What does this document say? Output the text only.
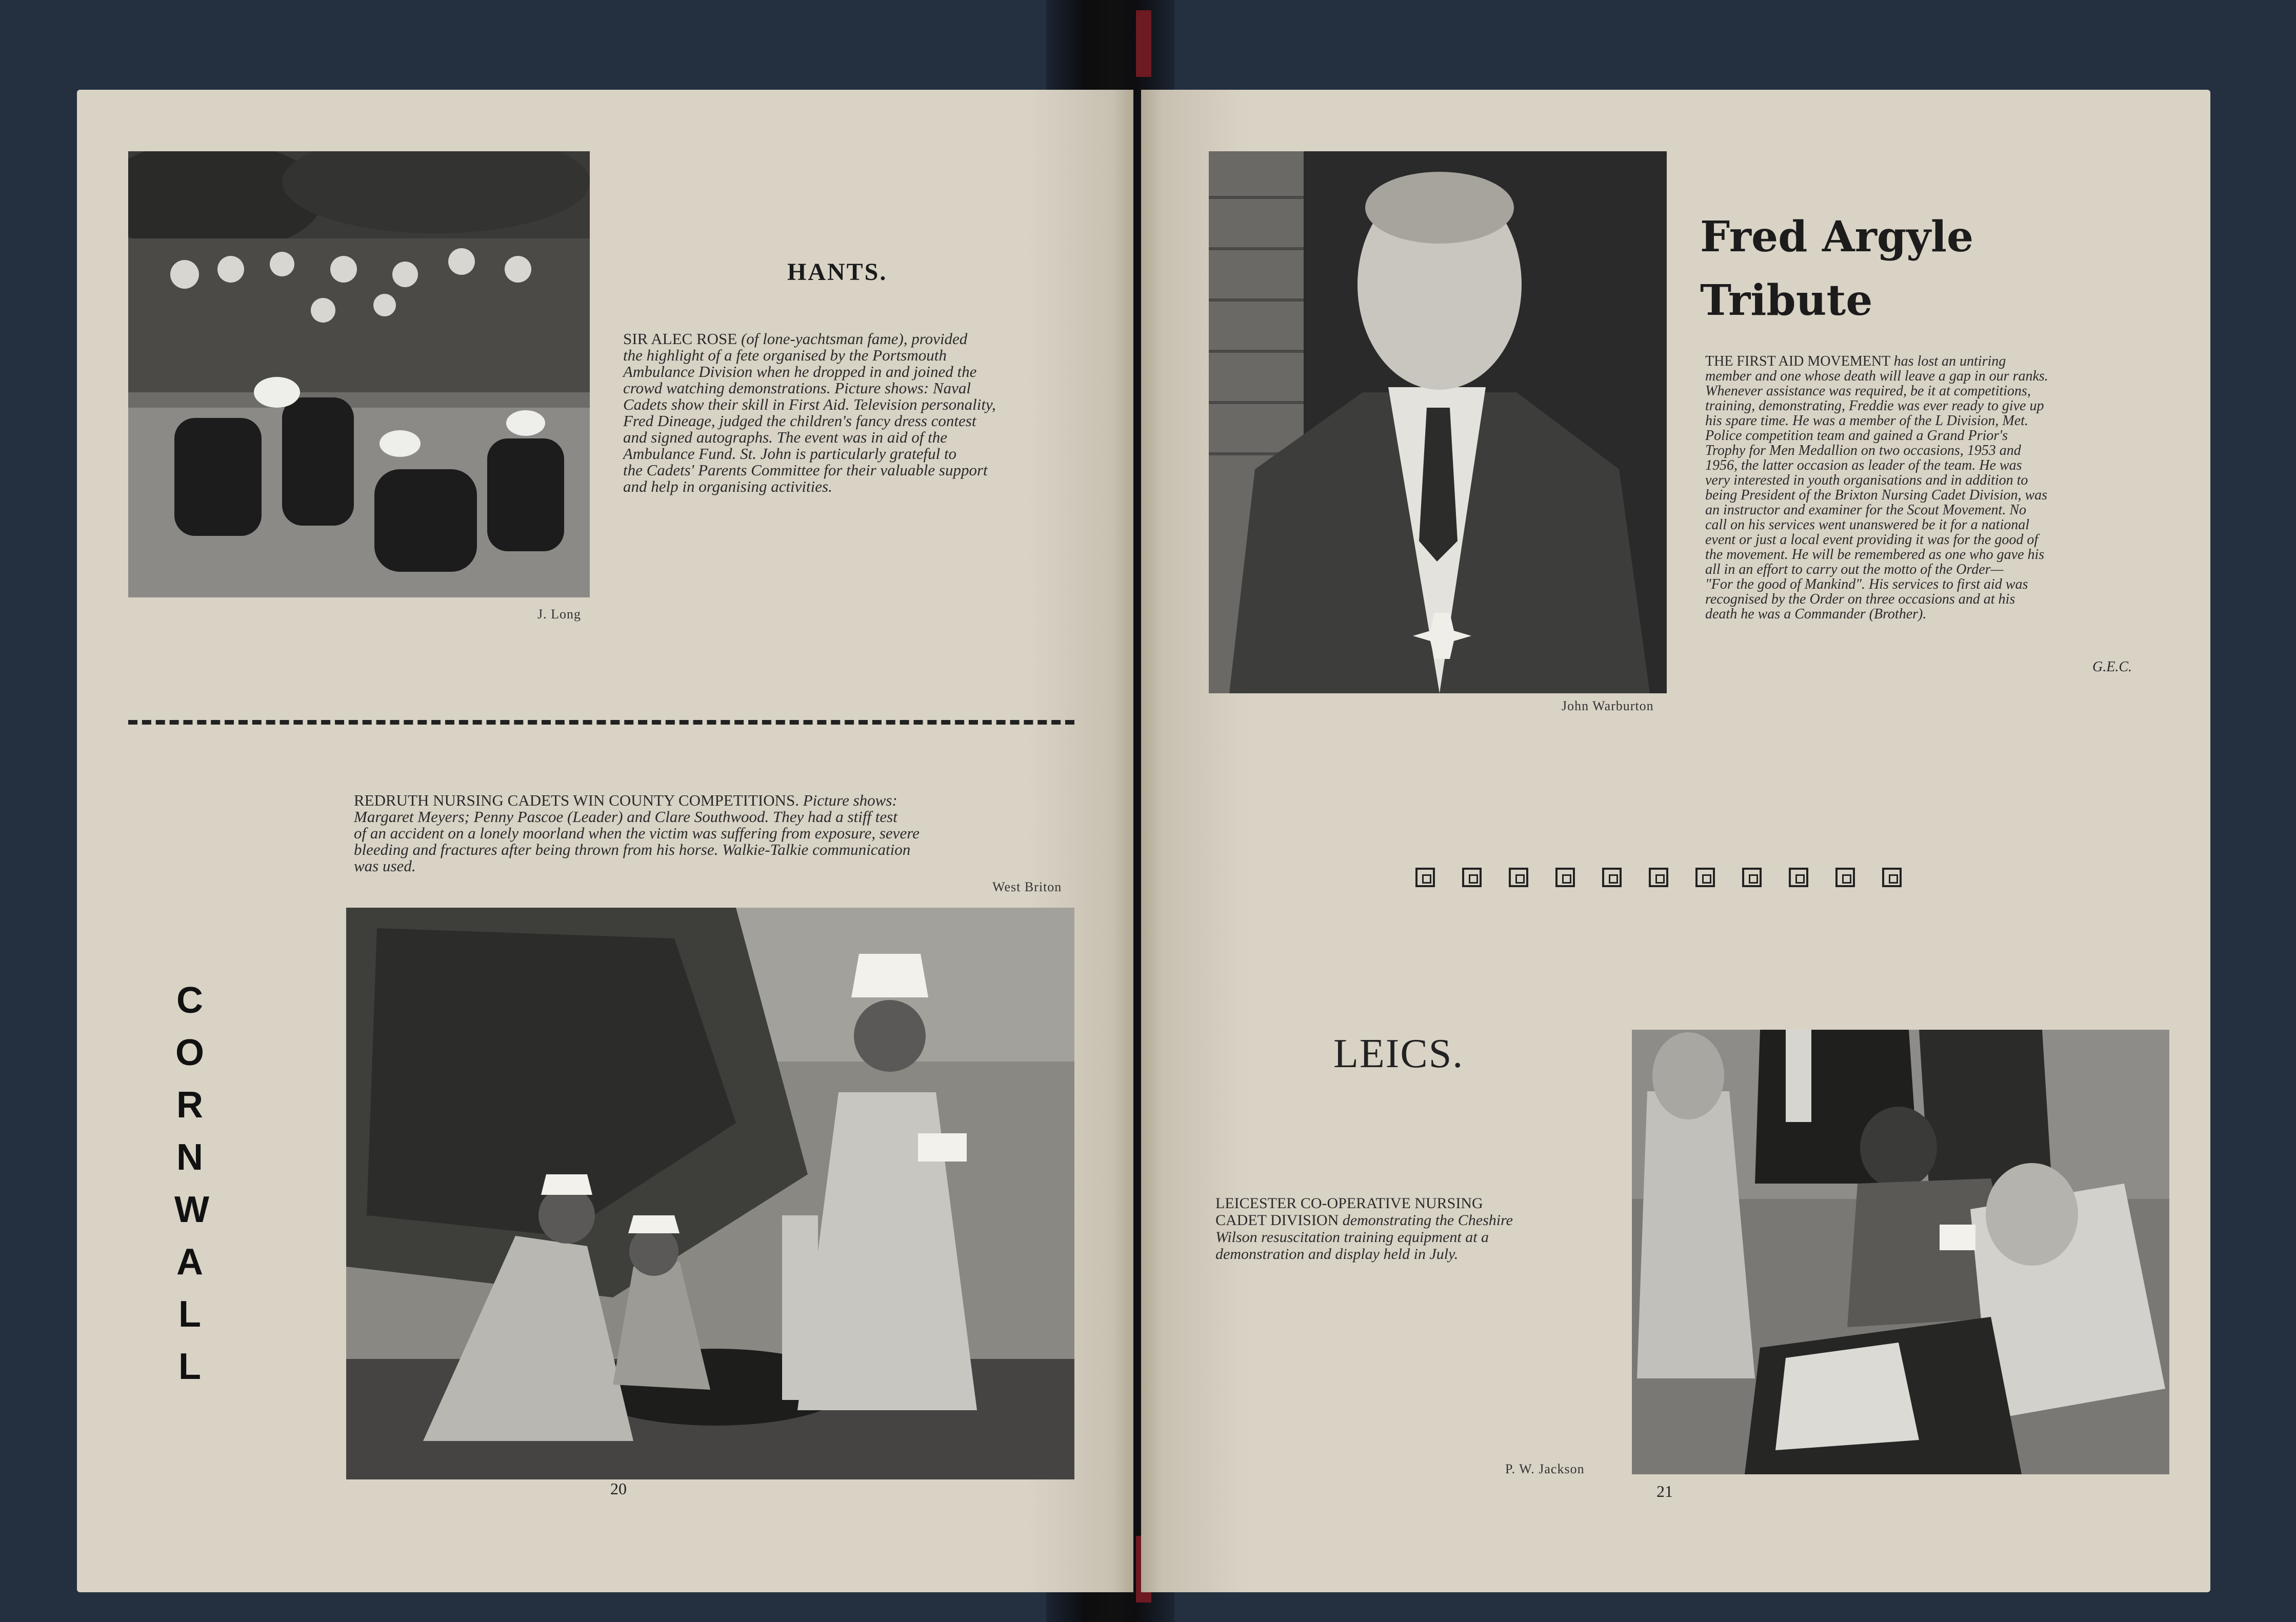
J. Long
HANTS.
SIR ALEC ROSE (of lone-yachtsman fame), provided
the highlight of a fete organised by the Portsmouth
Ambulance Division when he dropped in and joined the
crowd watching demonstrations. Picture shows: Naval
Cadets show their skill in First Aid. Television personality,
Fred Dineage, judged the children's fancy dress contest
and signed autographs. The event was in aid of the
Ambulance Fund. St. John is particularly grateful to
the Cadets' Parents Committee for their valuable support
and help in organising activities.
REDRUTH NURSING CADETS WIN COUNTY COMPETITIONS. Picture shows:
Margaret Meyers; Penny Pascoe (Leader) and Clare Southwood. They had a stiff test
of an accident on a lonely moorland when the victim was suffering from exposure, severe
bleeding and fractures after being thrown from his horse. Walkie-Talkie communication
was used.
West Briton
C
O
R
N
W
A
L
L
20
John Warburton
Fred Argyle
Tribute
THE FIRST AID MOVEMENT has lost an untiring
member and one whose death will leave a gap in our ranks.
Whenever assistance was required, be it at competitions,
training, demonstrating, Freddie was ever ready to give up
his spare time. He was a member of the L Division, Met.
Police competition team and gained a Grand Prior's
Trophy for Men Medallion on two occasions, 1953 and
1956, the latter occasion as leader of the team. He was
very interested in youth organisations and in addition to
being President of the Brixton Nursing Cadet Division, was
an instructor and examiner for the Scout Movement. No
call on his services went unanswered be it for a national
event or just a local event providing it was for the good of
the movement. He will be remembered as one who gave his
all in an effort to carry out the motto of the Order—
"For the good of Mankind". His services to first aid was
recognised by the Order on three occasions and at his
death he was a Commander (Brother).
G.E.C.
LEICS.
LEICESTER CO-OPERATIVE NURSING
CADET DIVISION demonstrating the Cheshire
Wilson resuscitation training equipment at a
demonstration and display held in July.
P. W. Jackson
21
